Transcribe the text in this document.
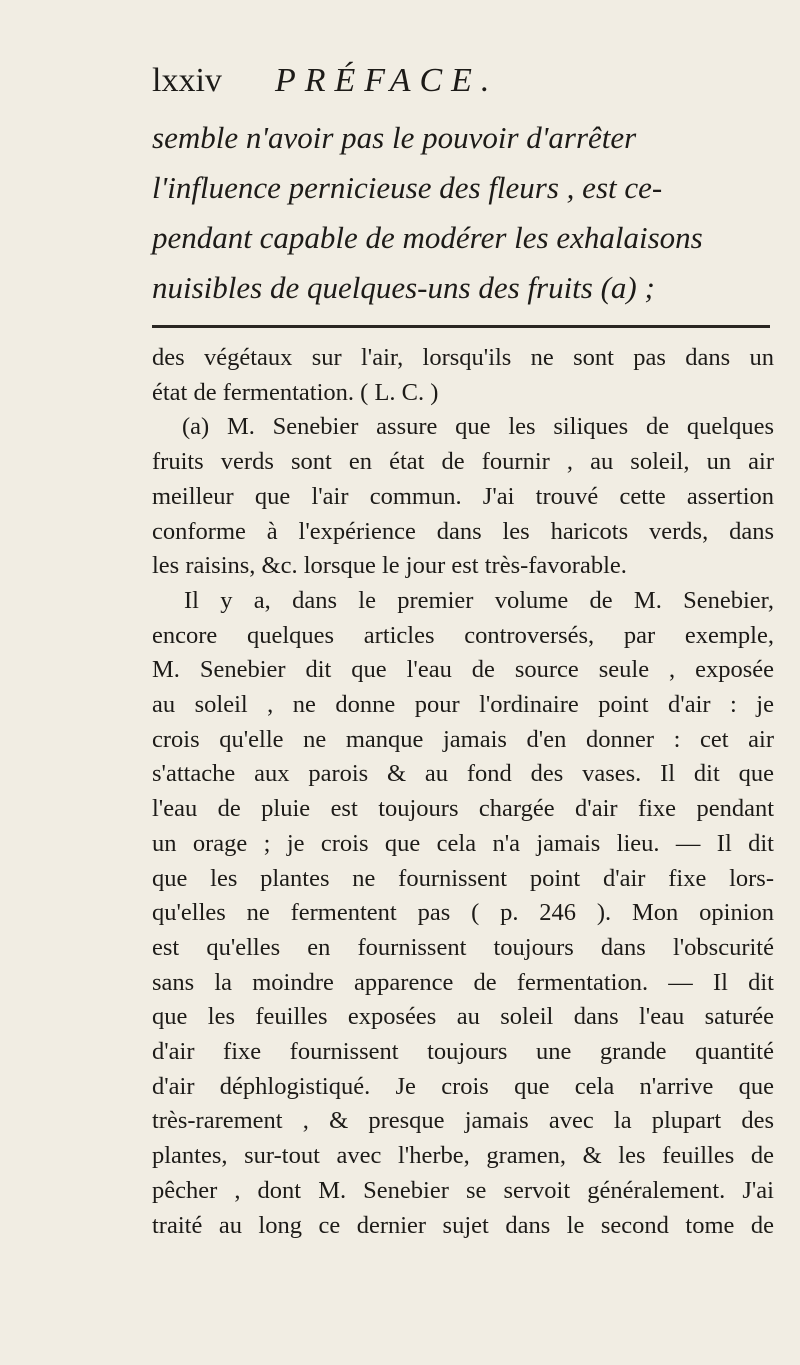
lxxiv PRÉFACE.
semble n'avoir pas le pouvoir d'arrêter
l'influence pernicieuse des fleurs , est ce-
pendant capable de modérer les exhalaisons
nuisibles de quelques-uns des fruits (a) ;
des végétaux sur l'air, lorsqu'ils ne sont pas dans un
état de fermentation. ( L. C. )
(a) M. Senebier assure que les siliques de quelques
fruits verds sont en état de fournir , au soleil, un air
meilleur que l'air commun. J'ai trouvé cette assertion
conforme à l'expérience dans les haricots verds, dans
les raisins, &c. lorsque le jour est très-favorable.
Il y a, dans le premier volume de M. Senebier,
encore quelques articles controversés, par exemple,
M. Senebier dit que l'eau de source seule , exposée
au soleil , ne donne pour l'ordinaire point d'air : je
crois qu'elle ne manque jamais d'en donner : cet air
s'attache aux parois & au fond des vases. Il dit que
l'eau de pluie est toujours chargée d'air fixe pendant
un orage ; je crois que cela n'a jamais lieu. — Il dit
que les plantes ne fournissent point d'air fixe lors-
qu'elles ne fermentent pas ( p. 246 ). Mon opinion
est qu'elles en fournissent toujours dans l'obscurité
sans la moindre apparence de fermentation. — Il dit
que les feuilles exposées au soleil dans l'eau saturée
d'air fixe fournissent toujours une grande quantité
d'air déphlogistiqué. Je crois que cela n'arrive que
très-rarement , & presque jamais avec la plupart des
plantes, sur-tout avec l'herbe, gramen, & les feuilles de
pêcher , dont M. Senebier se servoit généralement. J'ai
traité au long ce dernier sujet dans le second tome de
